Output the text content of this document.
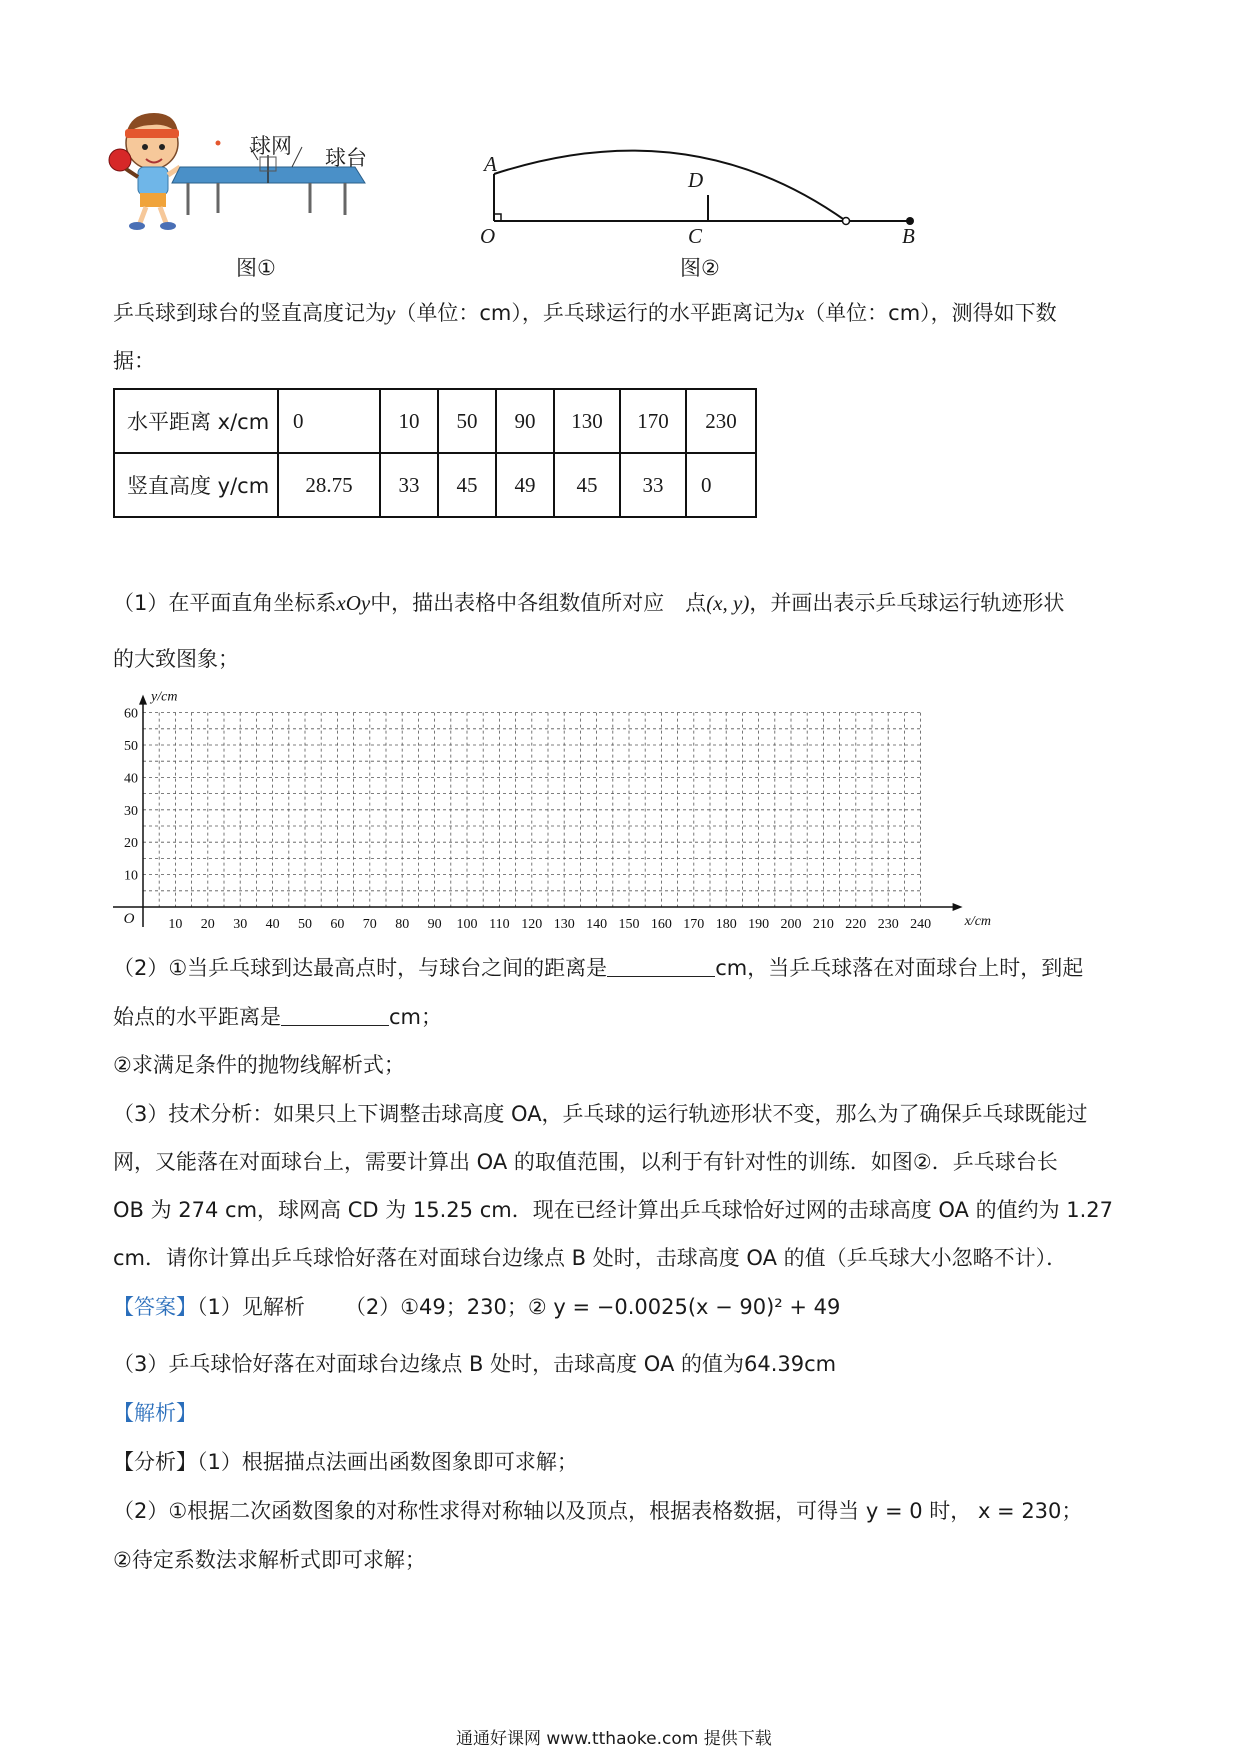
球网 球台
图①
A
D
O	C	B
图②
乒乓球到球台的竖直高度记为y（单位：cm），乒乓球运行的水平距离记为x（单位：cm），测得如下数
据：
水平距离 x/cm	0	10	50	90	130	170	230
竖直高度 y/cm	28.75	33	45	49	45	33	0
（1）在平面直角坐标系xOy中，描出表格中各组数值所对应　点(x, y)，并画出表示乒乓球运行轨迹形状
的大致图象；
10 20 30 40 50 60 70 80 90 100 110 120 130 140 150 160 170 180 190 200 210 220 230 240
10
20
30
40
50
60
O	x/cm
y/cm
（2）①当乒乓球到达最高点时，与球台之间的距离是	cm，当乒乓球落在对面球台上时，到起
始点的水平距离是	cm；
②求满足条件的抛物线解析式；
（3）技术分析：如果只上下调整击球高度 OA，乒乓球的运行轨迹形状不变，那么为了确保乒乓球既能过
网，又能落在对面球台上，需要计算出 OA 的取值范围，以利于有针对性的训练．如图②．乒乓球台长
OB 为 274 cm，球网高 CD 为 15.25 cm．现在已经计算出乒乓球恰好过网的击球高度 OA 的值约为 1.27
cm．请你计算出乒乓球恰好落在对面球台边缘点 B 处时，击球高度 OA 的值（乒乓球大小忽略不计）．
【答案】（1）见解析 （2）①49；230；② y = −0.0025(x − 90)² + 49
（3）乒乓球恰好落在对面球台边缘点 B 处时，击球高度 OA 的值为64.39cm
【解析】
【分析】（1）根据描点法画出函数图象即可求解；
（2）①根据二次函数图象的对称性求得对称轴以及顶点，根据表格数据，可得当 y = 0 时， x = 230；
②待定系数法求解析式即可求解；
通通好课网 www.tthaoke.com 提供下载
